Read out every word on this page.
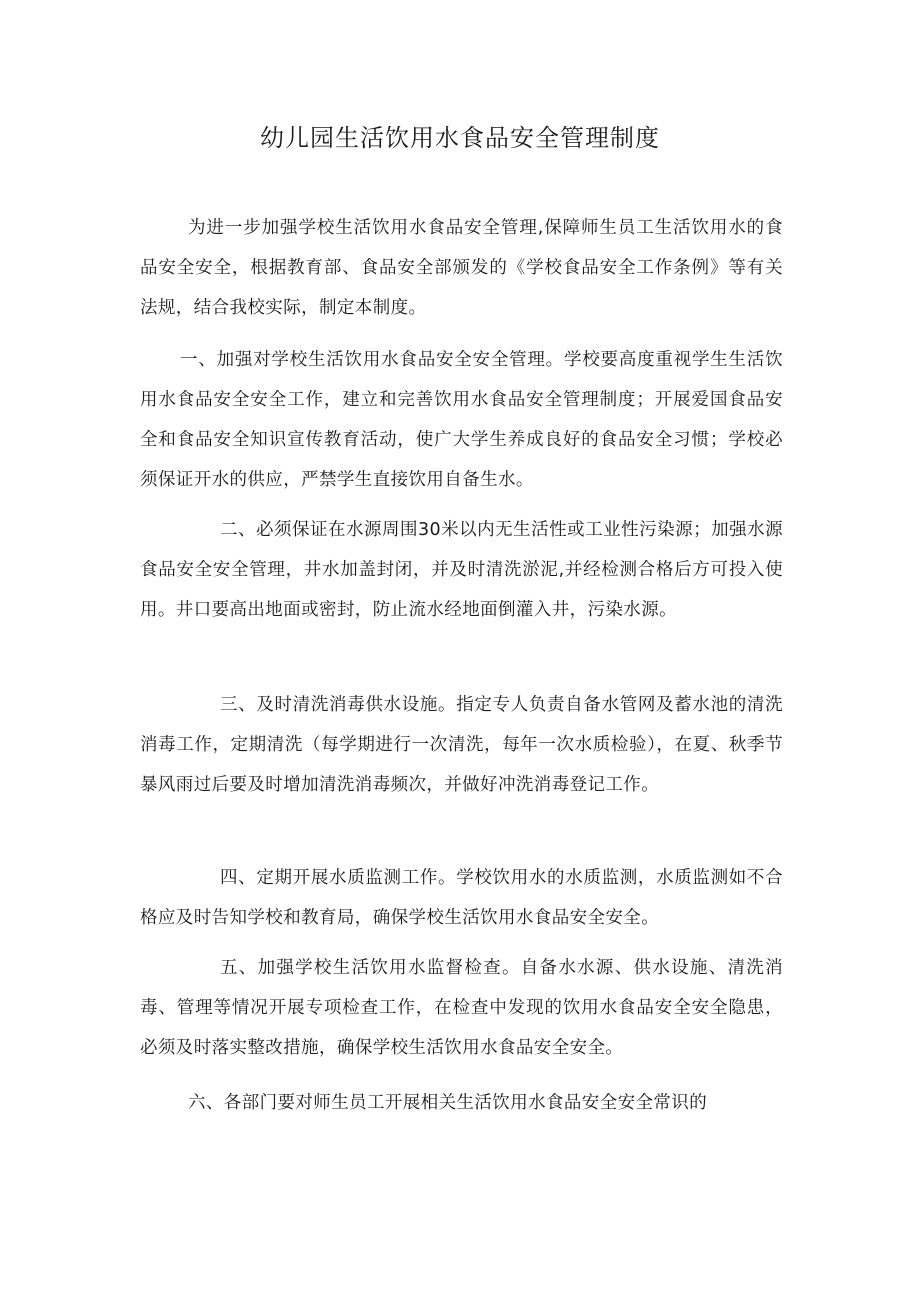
幼儿园生活饮用水食品安全管理制度

为进一步加强学校生活饮用水食品安全管理,保障师生员工生活饮用水的食品安全安全，根据教育部、食品安全部颁发的《学校食品安全工作条例》等有关法规，结合我校实际，制定本制度。

一、加强对学校生活饮用水食品安全安全管理。学校要高度重视学生生活饮用水食品安全安全工作，建立和完善饮用水食品安全管理制度；开展爱国食品安全和食品安全知识宣传教育活动，使广大学生养成良好的食品安全习惯；学校必须保证开水的供应，严禁学生直接饮用自备生水。

二、必须保证在水源周围30米以内无生活性或工业性污染源；加强水源食品安全安全管理，井水加盖封闭，并及时清洗淤泥,并经检测合格后方可投入使用。井口要高出地面或密封，防止流水经地面倒灌入井，污染水源。

三、及时清洗消毒供水设施。指定专人负责自备水管网及蓄水池的清洗消毒工作，定期清洗（每学期进行一次清洗，每年一次水质检验），在夏、秋季节暴风雨过后要及时增加清洗消毒频次，并做好冲洗消毒登记工作。

四、定期开展水质监测工作。学校饮用水的水质监测，水质监测如不合格应及时告知学校和教育局，确保学校生活饮用水食品安全安全。

五、加强学校生活饮用水监督检查。自备水水源、供水设施、清洗消毒、管理等情况开展专项检查工作，在检查中发现的饮用水食品安全安全隐患，必须及时落实整改措施，确保学校生活饮用水食品安全安全。

六、各部门要对师生员工开展相关生活饮用水食品安全安全常识的
